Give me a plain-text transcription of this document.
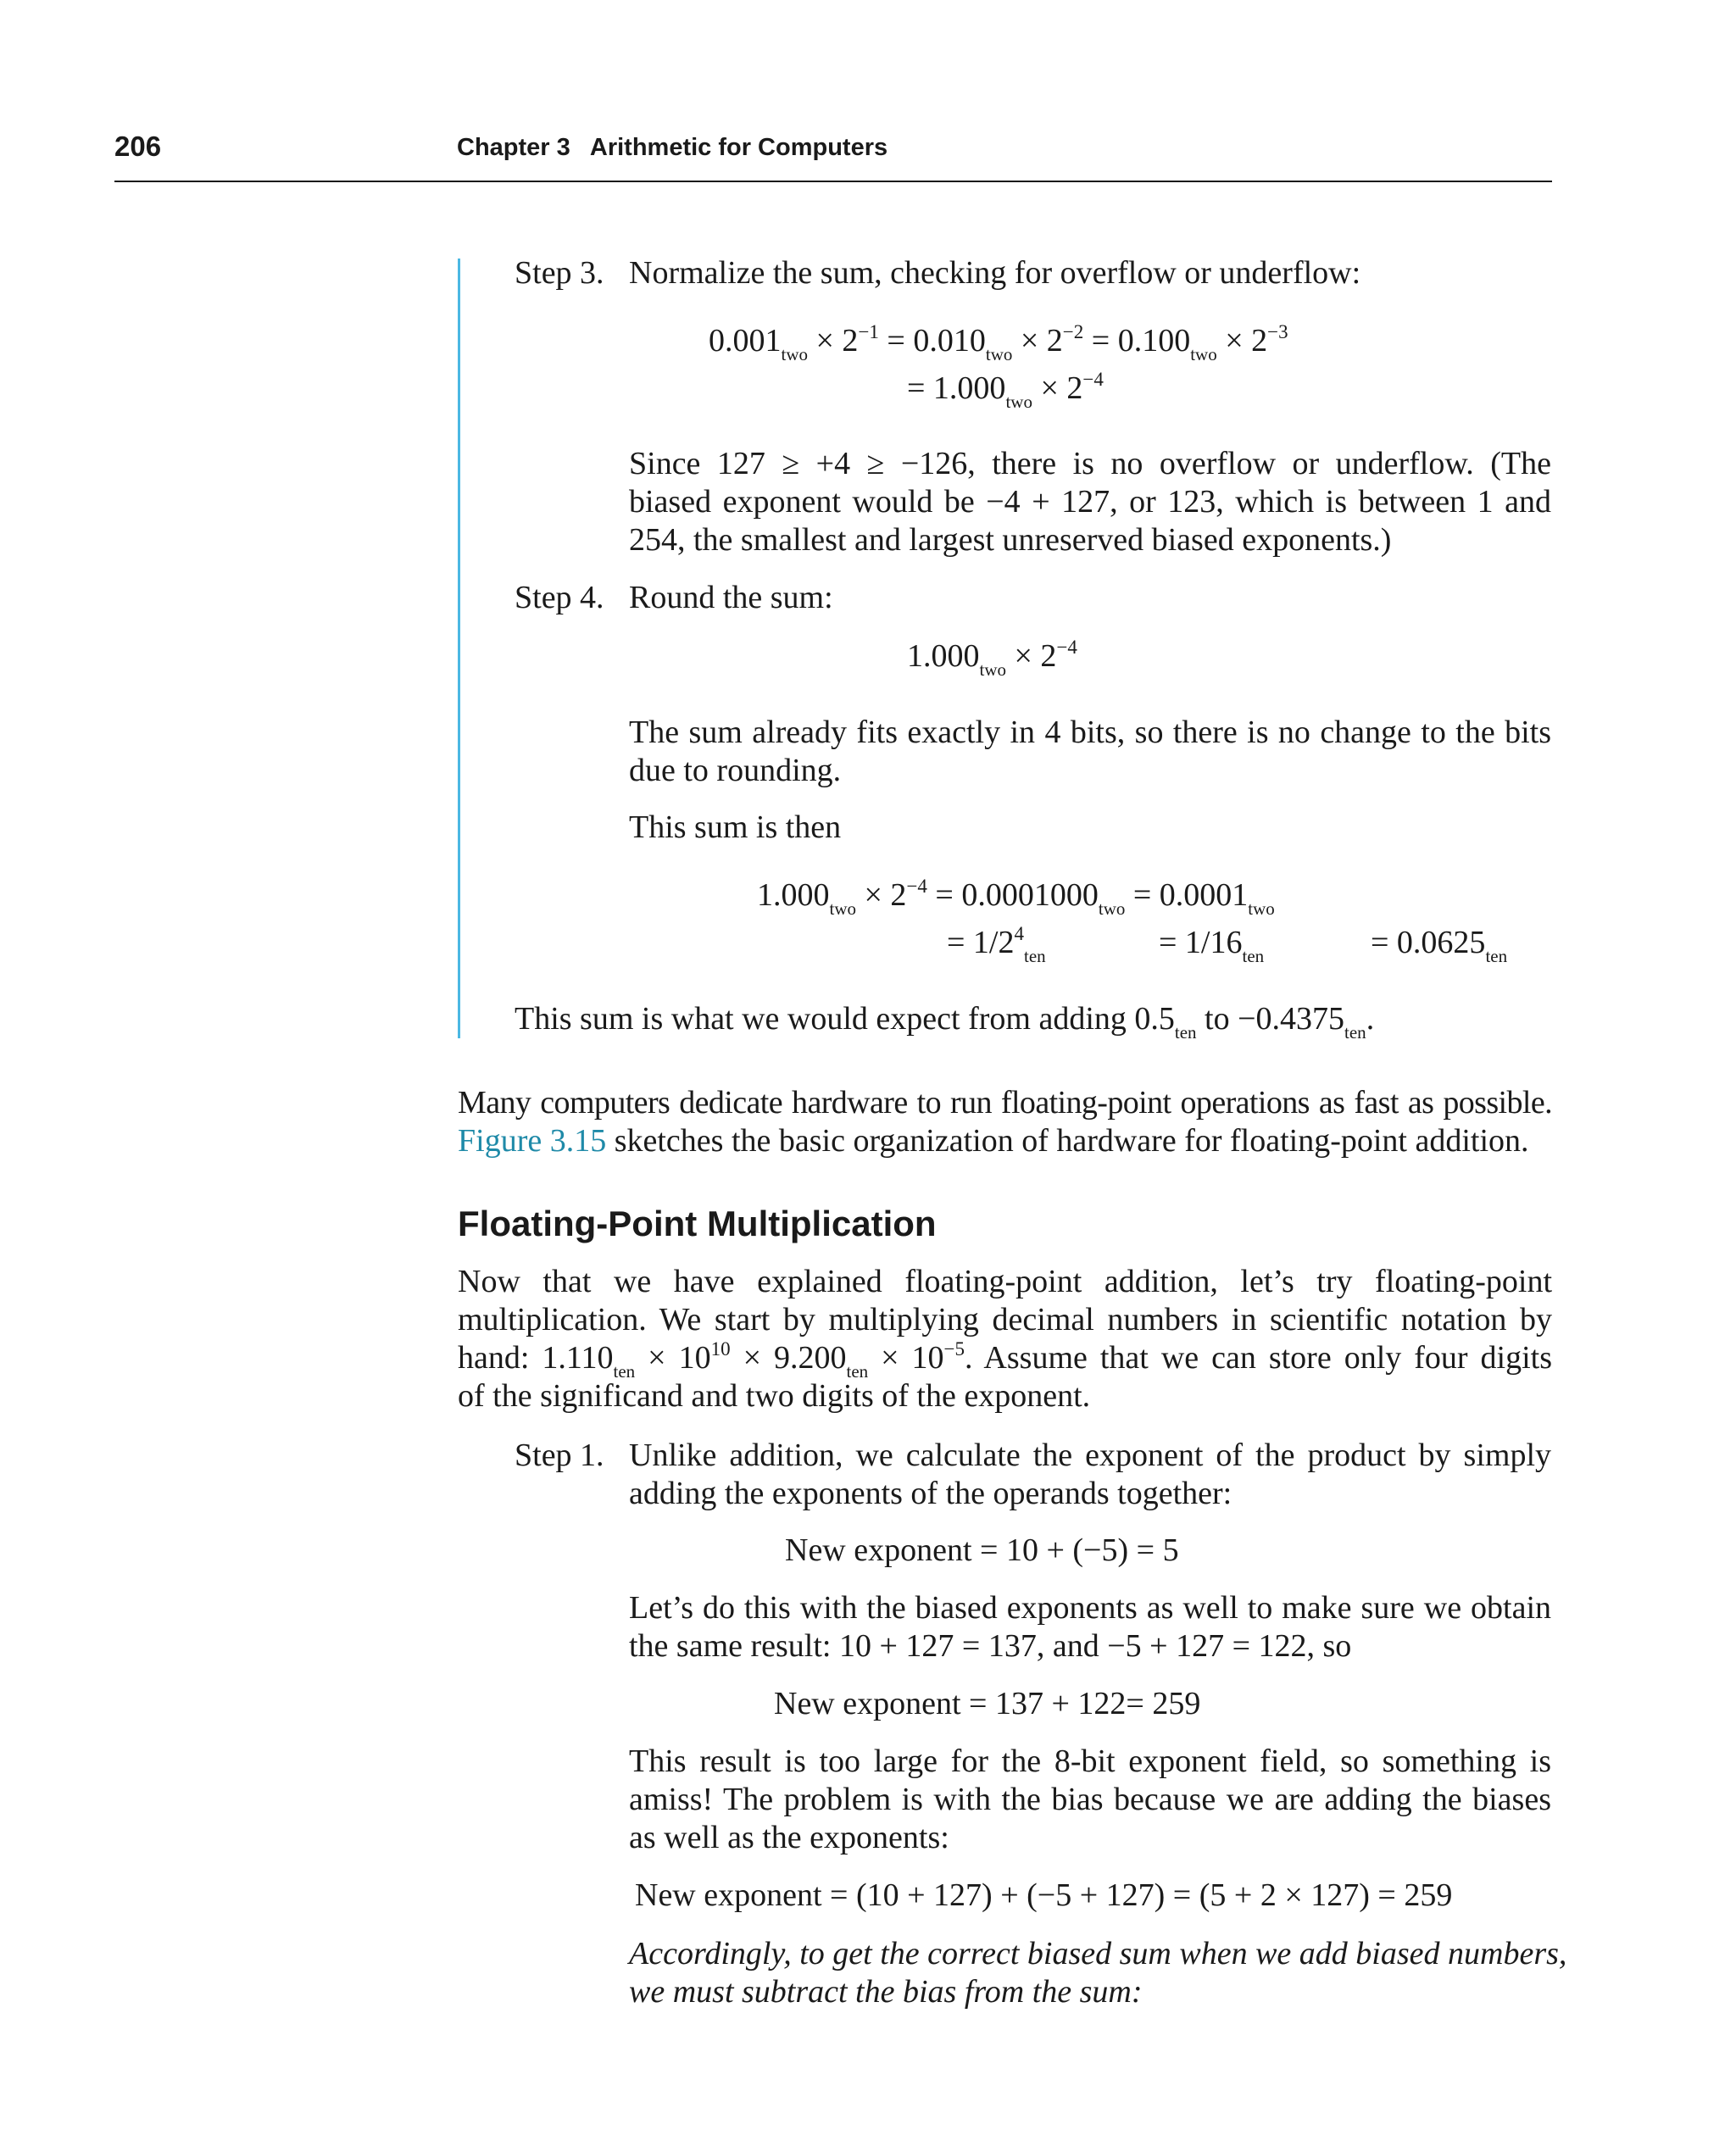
206	Chapter 3 Arithmetic for Computers
Step 3. Normalize the sum, checking for overflow or underflow:
$0.001_{two} \times 2^{-1} = 0.010_{two} \times 2^{-2} = 0.100_{two} \times 2^{-3}$
= $1.000_{two} \times 2^{-4}$
Since 127 ≥ +4 ≥ −126, there is no overflow or underflow. (The
biased exponent would be −4 + 127, or 123, which is between 1 and
254, the smallest and largest unreserved biased exponents.)
Step 4. Round the sum:
$1.000_{two} \times 2^{-4}$
The sum already fits exactly in 4 bits, so there is no change to the bits
due to rounding.
This sum is then
$1.000_{two} \times 2^{-4} = 0.0001000_{two} = 0.0001_{two}$
= $1/2^4_{ten}$	= $1/16_{ten}$	= $0.0625_{ten}$
This sum is what we would expect from adding $0.5_{ten}$ to $-0.4375_{ten}$.
Many computers dedicate hardware to run floating-point operations as fast as possible.
Figure 3.15 sketches the basic organization of hardware for floating-point addition.
Floating-Point Multiplication
Now that we have explained floating-point addition, let’s try floating-point
multiplication. We start by multiplying decimal numbers in scientific notation by
hand: $1.110_{ten} \times 10^{10} \times 9.200_{ten} \times 10^{-5}$. Assume that we can store only four digits
of the significand and two digits of the exponent.
Step 1. Unlike addition, we calculate the exponent of the product by simply
adding the exponents of the operands together:
New exponent = 10 + (−5) = 5
Let’s do this with the biased exponents as well to make sure we obtain
the same result: 10 + 127 = 137, and −5 + 127 = 122, so
New exponent = 137 + 122= 259
This result is too large for the 8-bit exponent field, so something is
amiss! The problem is with the bias because we are adding the biases
as well as the exponents:
New exponent = (10 + 127) + (−5 + 127) = (5 + 2 × 127) = 259
Accordingly, to get the correct biased sum when we add biased numbers,
we must subtract the bias from the sum:
